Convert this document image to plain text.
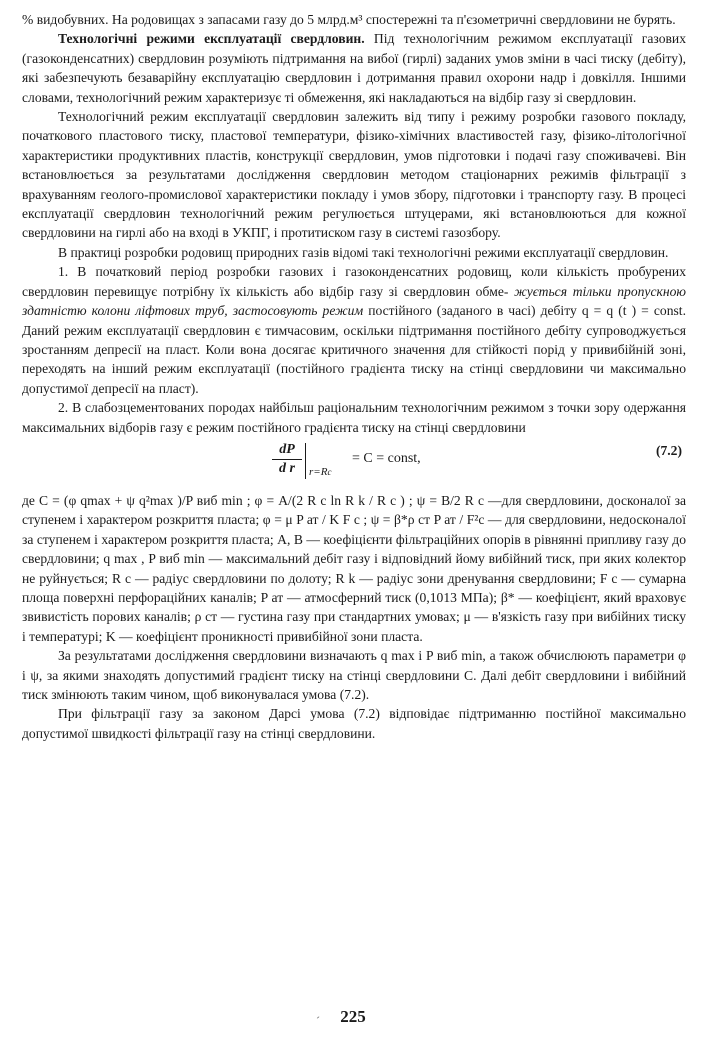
% видобувних. На родовищах з запасами газу до 5 млрд.м³ спостережні та п'єзометричні свердловини не бурять.

Технологічні режими експлуатації свердловин. Під технологічним режимом експлуатації газових (газоконденсатних) свердловин розуміють підтримання на вибої (гирлі) заданих умов зміни в часі тиску (дебіту), які забезпечують безаварійну експлуатацію свердловин і дотримання правил охорони надр і довкілля. Іншими словами, технологічний режим характеризує ті обмеження, які накладаються на відбір газу зі свердловин.

Технологічний режим експлуатації свердловин залежить від типу і режиму розробки газового покладу, початкового пластового тиску, пластової температури, фізико-хімічних властивостей газу, фізико-літологічної характеристики продуктивних пластів, конструкції свердловин, умов підготовки і подачі газу споживачеві. Він встановлюється за результатами дослідження свердловин методом стаціонарних режимів фільтрації з врахуванням геолого-промислової характеристики покладу і умов збору, підготовки і транспорту газу. В процесі експлуатації свердловин технологічний режим регулюється штуцерами, які встановлюються для кожної свердловини на гирлі або на вході в УКПГ, і протитиском газу в системі газозбору.

В практиці розробки родовищ природних газів відомі такі технологічні режими експлуатації свердловин.

1. В початковий період розробки газових і газоконденсатних родовищ, коли кількість пробурених свердловин перевищує потрібну їх кількість або відбір газу зі свердловин обме- жується тільки пропускною здатністю колони ліфтових труб, застосовують режим постійного (заданого в часі) дебіту q = q (t ) = const. Даний режим експлуатації свердловин є тимчасовим, оскільки підтримання постійного дебіту супроводжується зростанням депресії на пласт. Коли вона досягає критичного значення для стійкості порід у привибійній зоні, переходять на інший режим експлуатації (постійного градієнта тиску на стінці свердловини чи максимально допустимої депресії на пласт).

2. В слабозцементованих породах найбільш раціональним технологічним режимом з точки зору одержання максимальних відборів газу є режим постійного градієнта тиску на стінці свердловини

$\frac{dP}{\text{d r}} r=Rc$
= C = const,
(7.2)

де C = (φ qmax + ψ q²max )/P виб min ; φ = A/(2 R c ln R k / R c ) ; ψ = B/2 R c —для свердловини, досконалої за ступенем і характером розкриття пласта; φ = μ P ат / K F c ; ψ = β*ρ ст P ат / F²c — для свердловини, недосконалої за ступенем і характером розкриття пласта; A, B — коефіцієнти фільтраційних опорів в рівнянні припливу газу до свердловини; q max , P виб min — максимальний дебіт газу і відповідний йому вибійний тиск, при яких колектор не руйнується; R c — радіус свердловини по долоту; R k — радіус зони дренування свердловини; F c — сумарна площа поверхні перфораційних каналів; P ат — атмосферний тиск (0,1013 МПа); β* — коефіцієнт, який враховує звивистість порових каналів; ρ ст — густина газу при стандартних умовах; μ — в'язкість газу при вибійних тиску і температурі; K — коефіцієнт проникності привибійної зони пласта.

За результатами дослідження свердловини визначають q max і P виб min, а також обчислюють параметри φ і ψ, за якими знаходять допустимий градієнт тиску на стінці свердловини C. Далі дебіт свердловини і вибійний тиск змінюють таким чином, щоб виконувалася умова (7.2).

При фільтрації газу за законом Дарсі умова (7.2) відповідає підтриманню постійної максимально допустимої швидкості фільтрації газу на стінці свердловини.

ˊ	225
